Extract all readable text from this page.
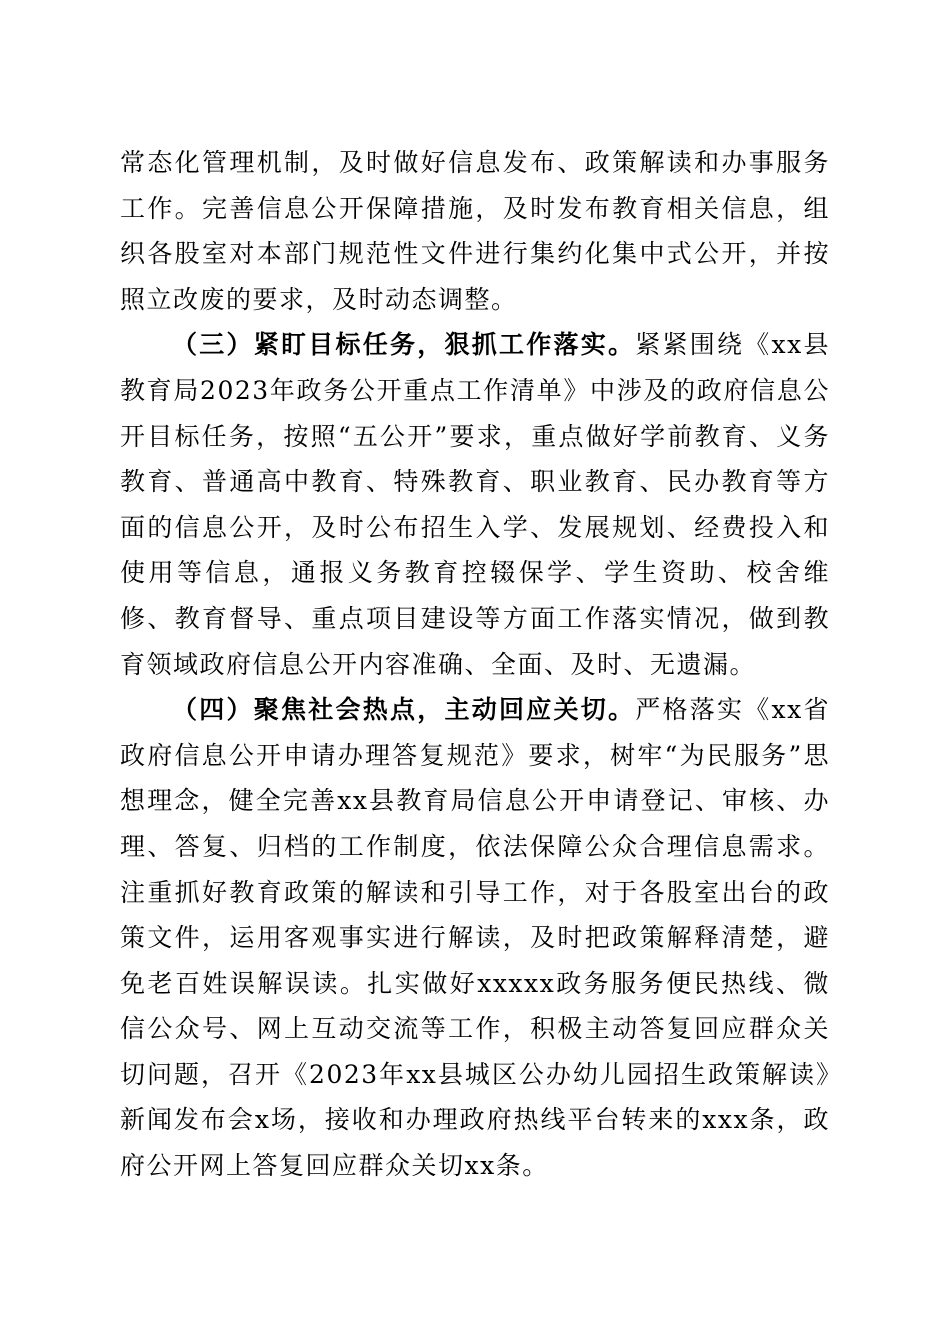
常态化管理机制，及时做好信息发布、政策解读和办事服务工作。完善信息公开保障措施，及时发布教育相关信息，组织各股室对本部门规范性文件进行集约化集中式公开，并按照立改废的要求，及时动态调整。

（三）紧盯目标任务，狠抓工作落实。紧紧围绕《xx县教育局2023年政务公开重点工作清单》中涉及的政府信息公开目标任务，按照“五公开”要求，重点做好学前教育、义务教育、普通高中教育、特殊教育、职业教育、民办教育等方面的信息公开，及时公布招生入学、发展规划、经费投入和使用等信息，通报义务教育控辍保学、学生资助、校舍维修、教育督导、重点项目建设等方面工作落实情况，做到教育领域政府信息公开内容准确、全面、及时、无遗漏。

（四）聚焦社会热点，主动回应关切。严格落实《xx省政府信息公开申请办理答复规范》要求，树牢“为民服务”思想理念，健全完善xx县教育局信息公开申请登记、审核、办理、答复、归档的工作制度，依法保障公众合理信息需求。注重抓好教育政策的解读和引导工作，对于各股室出台的政策文件，运用客观事实进行解读，及时把政策解释清楚，避免老百姓误解误读。扎实做好xxxxx政务服务便民热线、微信公众号、网上互动交流等工作，积极主动答复回应群众关切问题，召开《2023年xx县城区公办幼儿园招生政策解读》新闻发布会x场，接收和办理政府热线平台转来的xxx条，政府公开网上答复回应群众关切xx条。
